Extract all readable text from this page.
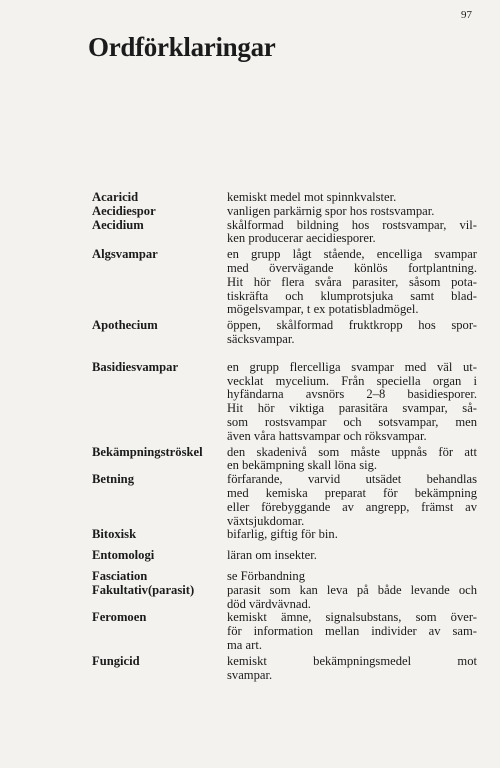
97
Ordförklaringar
Acaricid	kemiskt medel mot spinnkvalster.
Aecidiespor	vanligen parkärnig spor hos rostsvampar.
Aecidium	skålformad bildning hos rostsvampar, vil-
ken producerar aecidiesporer.
Algsvampar	en grupp lågt stående, encelliga svampar
med övervägande könlös fortplantning.
Hit hör flera svåra parasiter, såsom pota-
tiskräfta och klumprotsjuka samt blad-
mögelsvampar, t ex potatisbladmögel.
Apothecium	öppen, skålformad fruktkropp hos spor-
säcksvampar.
Basidiesvampar	en grupp flercelliga svampar med väl ut-
vecklat mycelium. Från speciella organ i
hyfändarna avsnörs 2–8 basidiesporer.
Hit hör viktiga parasitära svampar, så-
som rostsvampar och sotsvampar, men
även våra hattsvampar och röksvampar.
Bekämpningströskel	den skadenivå som måste uppnås för att
en bekämpning skall löna sig.
Betning	förfarande, varvid utsädet behandlas
med kemiska preparat för bekämpning
eller förebyggande av angrepp, främst av
växtsjukdomar.
Bitoxisk	bifarlig, giftig för bin.
Entomologi	läran om insekter.
Fasciation	se Förbandning
Fakultativ(parasit)	parasit som kan leva på både levande och
död värdvävnad.
Feromoen	kemiskt ämne, signalsubstans, som över-
för information mellan individer av sam-
ma art.
Fungicid	kemiskt bekämpningsmedel mot
svampar.
